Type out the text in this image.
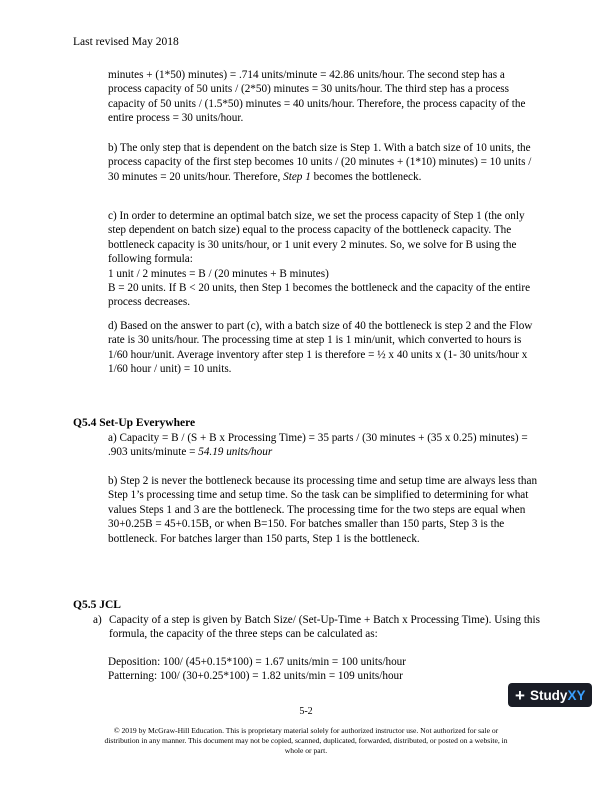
Last revised May 2018
minutes + (1*50) minutes) = .714 units/minute = 42.86 units/hour. The second step has a process capacity of 50 units / (2*50) minutes = 30 units/hour. The third step has a process capacity of 50 units / (1.5*50) minutes = 40 units/hour. Therefore, the process capacity of the entire process = 30 units/hour.
b) The only step that is dependent on the batch size is Step 1. With a batch size of 10 units, the process capacity of the first step becomes 10 units / (20 minutes + (1*10) minutes) = 10 units / 30 minutes = 20 units/hour. Therefore, Step 1 becomes the bottleneck.
c) In order to determine an optimal batch size, we set the process capacity of Step 1 (the only step dependent on batch size) equal to the process capacity of the bottleneck capacity. The bottleneck capacity is 30 units/hour, or 1 unit every 2 minutes. So, we solve for B using the following formula:
1 unit / 2 minutes = B / (20 minutes + B minutes)
B = 20 units. If B < 20 units, then Step 1 becomes the bottleneck and the capacity of the entire process decreases.
d) Based on the answer to part (c), with a batch size of 40 the bottleneck is step 2 and the Flow rate is 30 units/hour. The processing time at step 1 is 1 min/unit, which converted to hours is 1/60 hour/unit. Average inventory after step 1 is therefore = ½ x 40 units x (1- 30 units/hour x 1/60 hour / unit) = 10 units.
Q5.4 Set-Up Everywhere
a) Capacity = B / (S + B x Processing Time) = 35 parts / (30 minutes + (35 x 0.25) minutes) = .903 units/minute = 54.19 units/hour
b) Step 2 is never the bottleneck because its processing time and setup time are always less than Step 1’s processing time and setup time. So the task can be simplified to determining for what values Steps 1 and 3 are the bottleneck. The processing time for the two steps are equal when 30+0.25B = 45+0.15B, or when B=150. For batches smaller than 150 parts, Step 3 is the bottleneck. For batches larger than 150 parts, Step 1 is the bottleneck.
Q5.5 JCL
a) Capacity of a step is given by Batch Size/ (Set-Up-Time + Batch x Processing Time). Using this formula, the capacity of the three steps can be calculated as:
Deposition: 100/ (45+0.15*100) = 1.67 units/min = 100 units/hour
Patterning: 100/ (30+0.25*100) = 1.82 units/min = 109 units/hour
+ StudyXY
5-2
© 2019 by McGraw-Hill Education. This is proprietary material solely for authorized instructor use. Not authorized for sale or distribution in any manner. This document may not be copied, scanned, duplicated, forwarded, distributed, or posted on a website, in whole or part.
